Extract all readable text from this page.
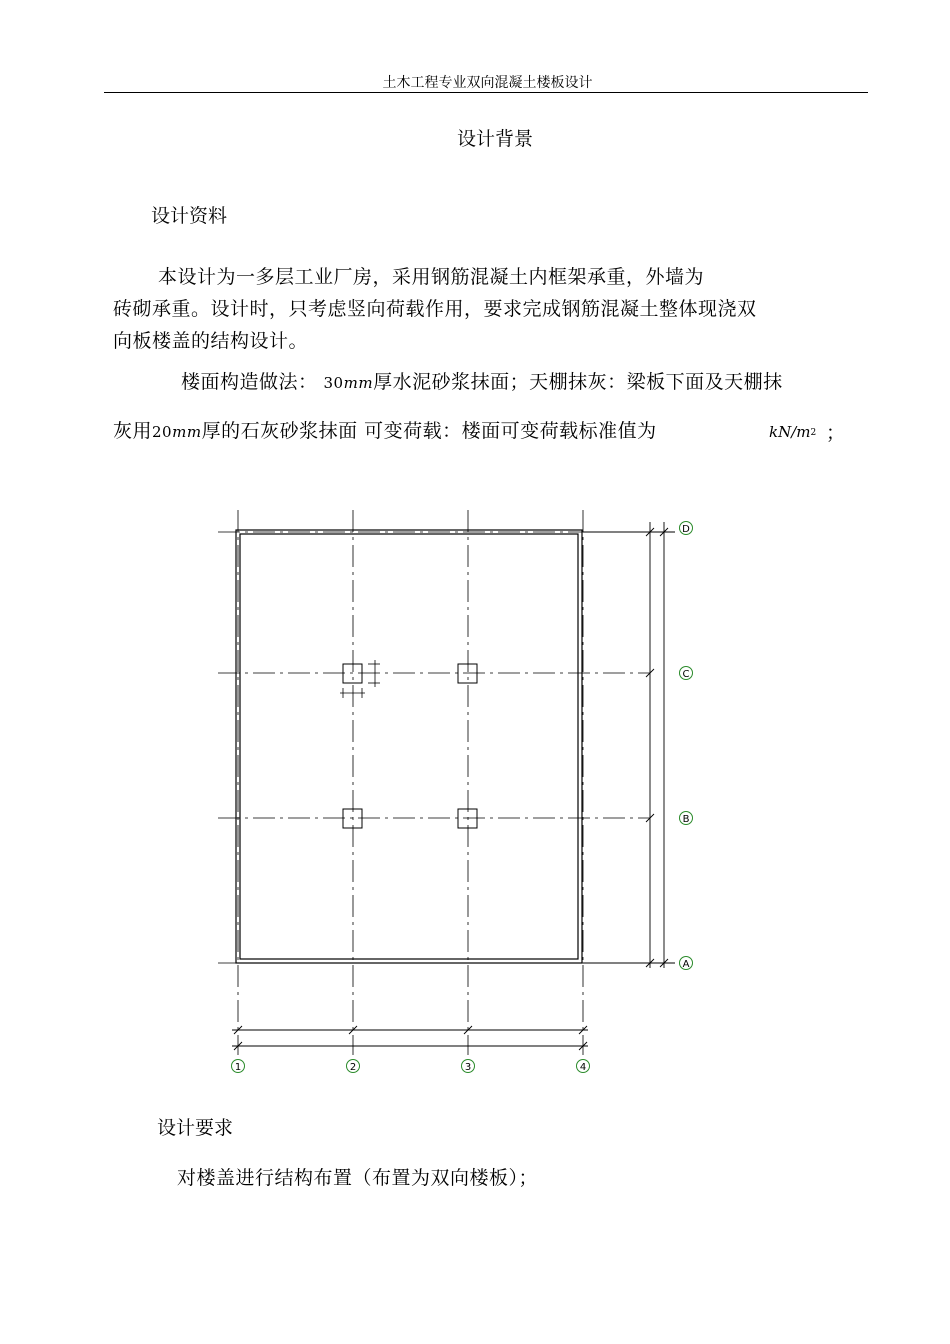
土木工程专业双向混凝土楼板设计
设计背景
设计资料
本设计为一多层工业厂房，采用钢筋混凝土内框架承重，外墙为
砖砌承重。设计时，只考虑竖向荷载作用，要求完成钢筋混凝土整体现浇双
向板楼盖的结构设计。
楼面构造做法： 30mm厚水泥砂浆抹面；天棚抹灰：梁板下面及天棚抹
灰用20mm厚的石灰砂浆抹面 可变荷载：楼面可变荷载标准值为	kN/m2 ；
D
C
B
A
1	2	3	4
设计要求
对楼盖进行结构布置（布置为双向楼板）；
